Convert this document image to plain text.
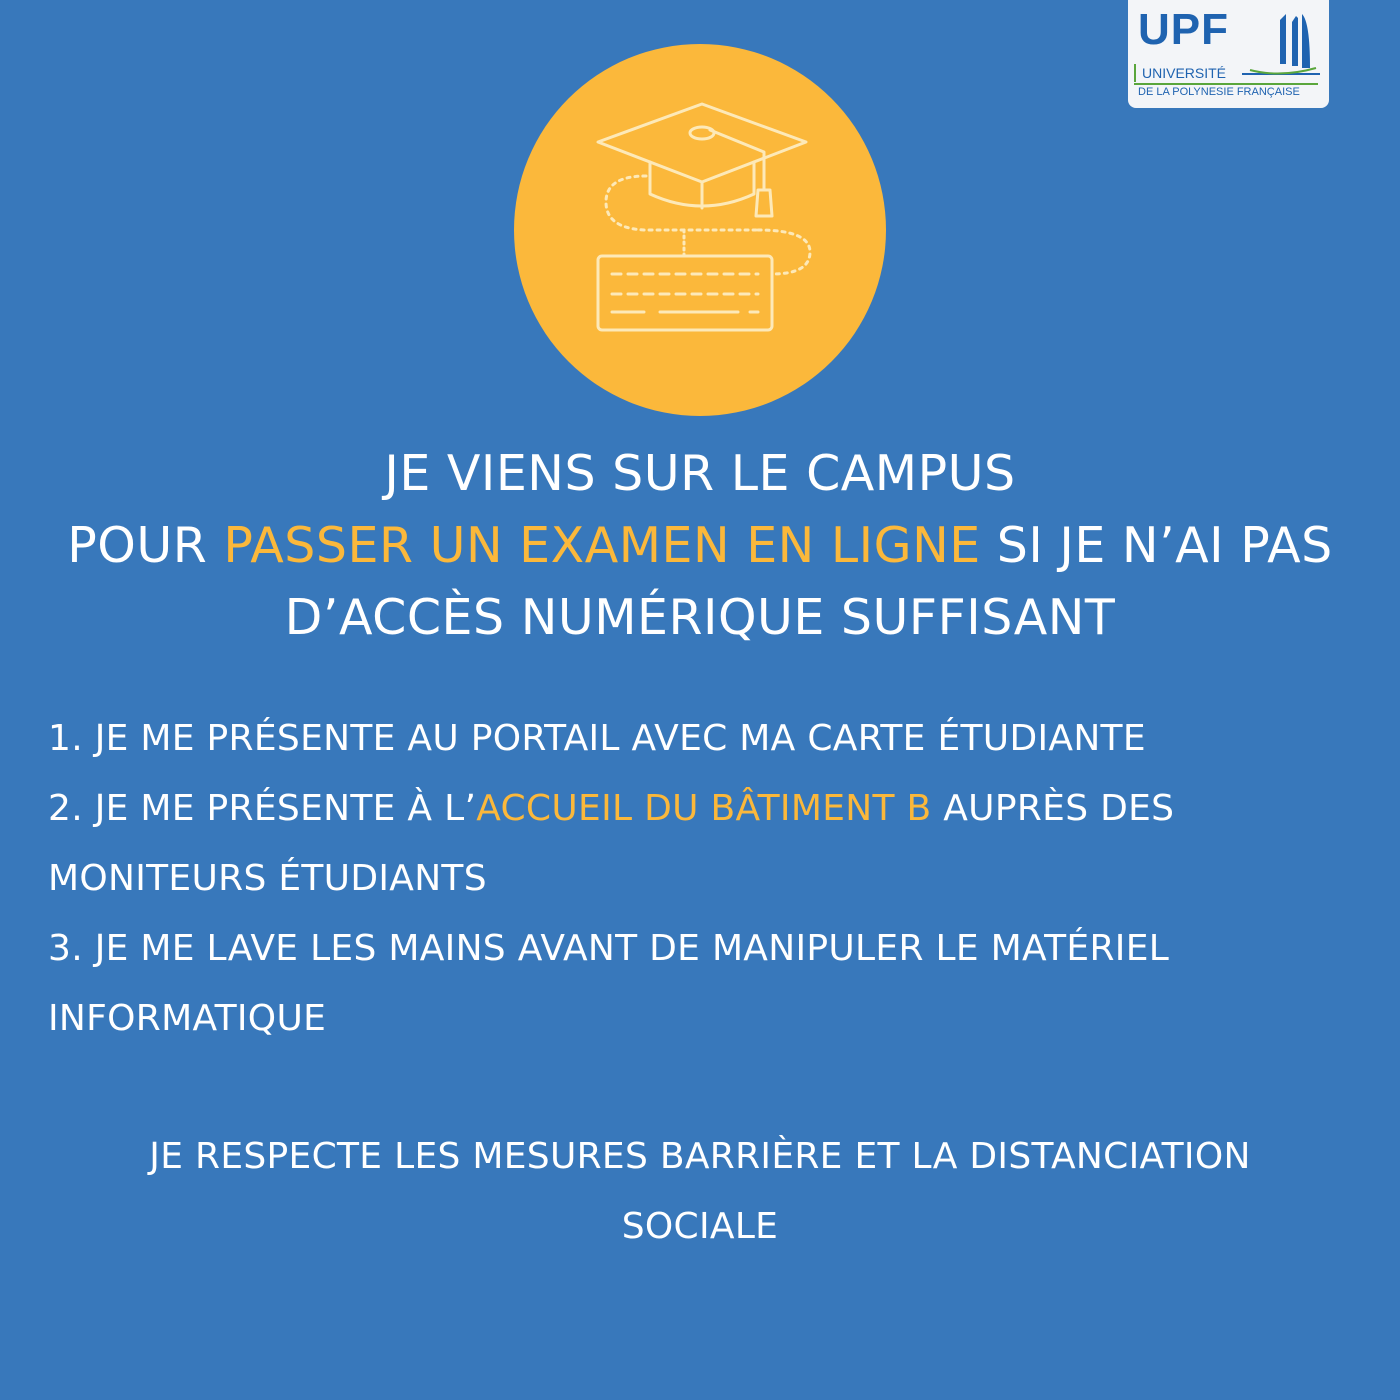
UPF
UNIVERSITÉ
DE LA POLYNESIE FRANÇAISE
JE VIENS SUR LE CAMPUS
POUR PASSER UN EXAMEN EN LIGNE SI JE N’AI PAS
D’ACCÈS NUMÉRIQUE SUFFISANT
1. JE ME PRÉSENTE AU PORTAIL AVEC MA CARTE ÉTUDIANTE
2. JE ME PRÉSENTE À L’ACCUEIL DU BÂTIMENT B AUPRÈS DES MONITEURS ÉTUDIANTS
3. JE ME LAVE LES MAINS AVANT DE MANIPULER LE MATÉRIEL INFORMATIQUE
JE RESPECTE LES MESURES BARRIÈRE ET LA DISTANCIATION SOCIALE
